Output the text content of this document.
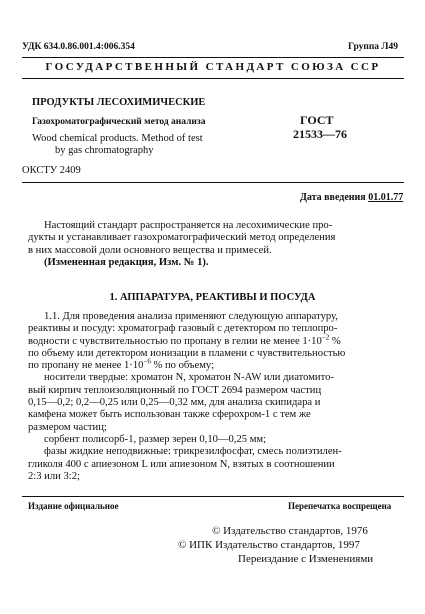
УДК 634.0.86.001.4:006.354	Группа Л49
ГОСУДАРСТВЕННЫЙ СТАНДАРТ СОЮЗА ССР
ПРОДУКТЫ ЛЕСОХИМИЧЕСКИЕ
Газохроматографический метод анализа
Wood chemical products. Method of test
by gas chromatography
ГОСТ
21533—76
ОКСТУ 2409
Дата введения 01.01.77
Настоящий стандарт распространяется на лесохимические про-
дукты и устанавливает газохроматографический метод определения
в них массовой доли основного вещества и примесей.
(Измененная редакция, Изм. № 1).
1. АППАРАТУРА, РЕАКТИВЫ И ПОСУДА
1.1. Для проведения анализа применяют следующую аппаратуру,
реактивы и посуду: хроматограф газовый с детектором по теплопро-
водности с чувствительностью по пропану в гелии не менее $1\cdot 10^{-2}$ %
по объему или детектором ионизации в пламени с чувствительностью
по пропану не менее $1\cdot 10^{-6}$ % по объему;
носители твердые: хроматон N, хроматон N-AW или диатомито-
вый кирпич теплоизоляционный по ГОСТ 2694 размером частиц
0,15—0,2; 0,2—0,25 или 0,25—0,32 мм, для анализа скипидара и
камфена может быть использован также сферохром-1 с тем же
размером частиц;
сорбент полисорб-1, размер зерен 0,10—0,25 мм;
фазы жидкие неподвижные: трикрезилфосфат, смесь полиэтилен-
гликоля 400 с апиезоном L или апиезоном N, взятых в соотношении
2:3 или 3:2;
Издание официальное	Перепечатка воспрещена
© Издательство стандартов, 1976
© ИПК Издательство стандартов, 1997
Переиздание с Изменениями
